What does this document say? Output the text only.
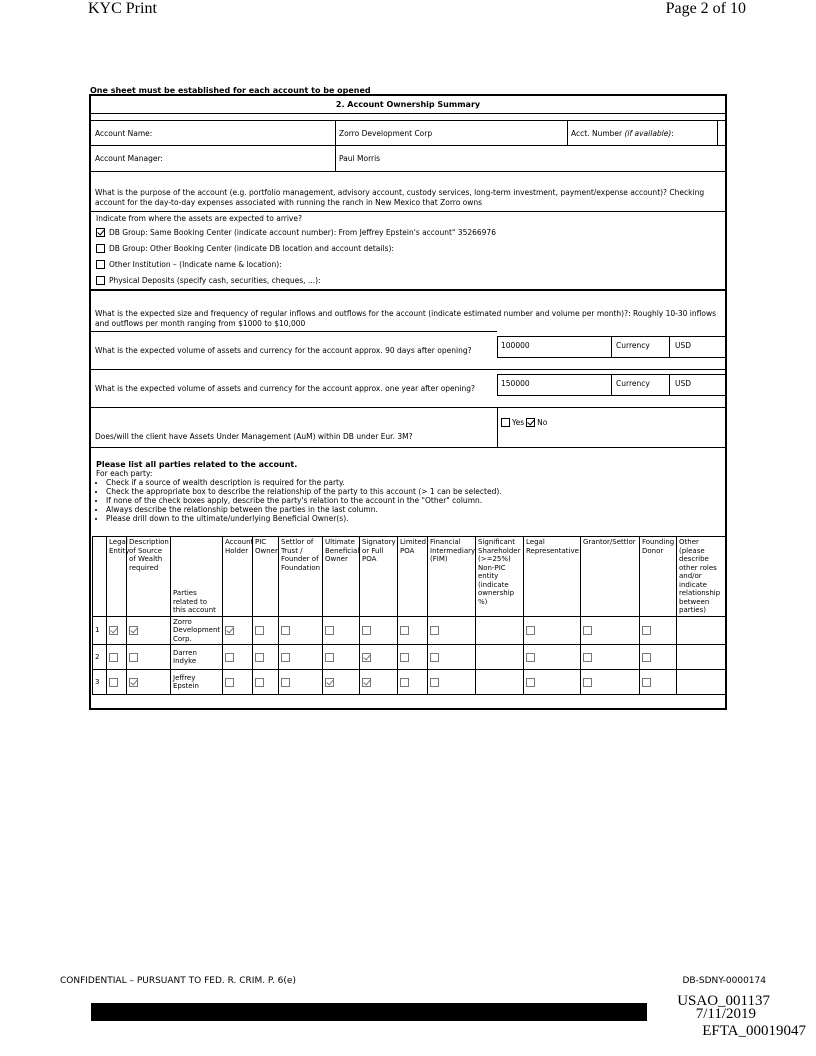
KYC Print	Page 2 of 10
One sheet must be established for each account to be opened
2. Account Ownership Summary
Account Name:	Zorro Development Corp	Acct. Number
(if available) :
Account Manager:	Paul Morris
What is the purpose of the account (e.g. portfolio management, advisory account, custody services, long-term investment, payment/expense account)? Checking account for the day-to-day expenses associated with running the ranch in New Mexico that Zorro owns
Indicate from where the assets are expected to arrive?
DB Group: Same Booking Center (indicate account number): From Jeffrey Epstein's account" 35266976
DB Group: Other Booking Center (indicate DB location and account details):
Other Institution – (Indicate name & location):
Physical Deposits (specify cash, securities, cheques, ...):
What is the expected size and frequency of regular inflows and outflows for the account (indicate estimated number and volume per month)?: Roughly 10-30 inflows and outflows per month ranging from $1000 to $10,000
What is the expected volume of assets and currency for the account approx. 90 days after opening?
100000	Currency	USD
What is the expected volume of assets and currency for the account approx. one year after opening?
150000	Currency	USD
Does/will the client have Assets Under Management (AuM) within DB under Eur. 3M?
Yes No
Please list all parties related to the account.
For each party:
• Check if a source of wealth description is required for the party.
• Check the appropriate box to describe the relationship of the party to this account (> 1 can be selected).
• If none of the check boxes apply, describe the party's relation to the account in the "Other" column.
• Always describe the relationship between the parties in the last column.
• Please drill down to the ultimate/underlying Beneficial Owner(s).
	Legal Entity	Description of Source of Wealth required	Parties related to this account	Account Holder	PIC Owner	Settlor of Trust / Founder of Foundation	Ultimate Beneficial Owner	Signatory or Full POA	Limited POA	Financial Intermediary (FIM)	Significant Shareholder (>=25%) Non-PIC entity (indicate ownership %)	Legal Representative	Grantor/Settlor	Founding Donor	Other (please describe other roles and/or indicate relationship between parties)
1			Zorro Development Corp.												
2			Darren Indyke												
3			Jeffrey Epstein												
CONFIDENTIAL – PURSUANT TO FED. R. CRIM. P. 6(e)	DB-SDNY-0000174
USAO_001137
7/11/2019
EFTA_00019047
